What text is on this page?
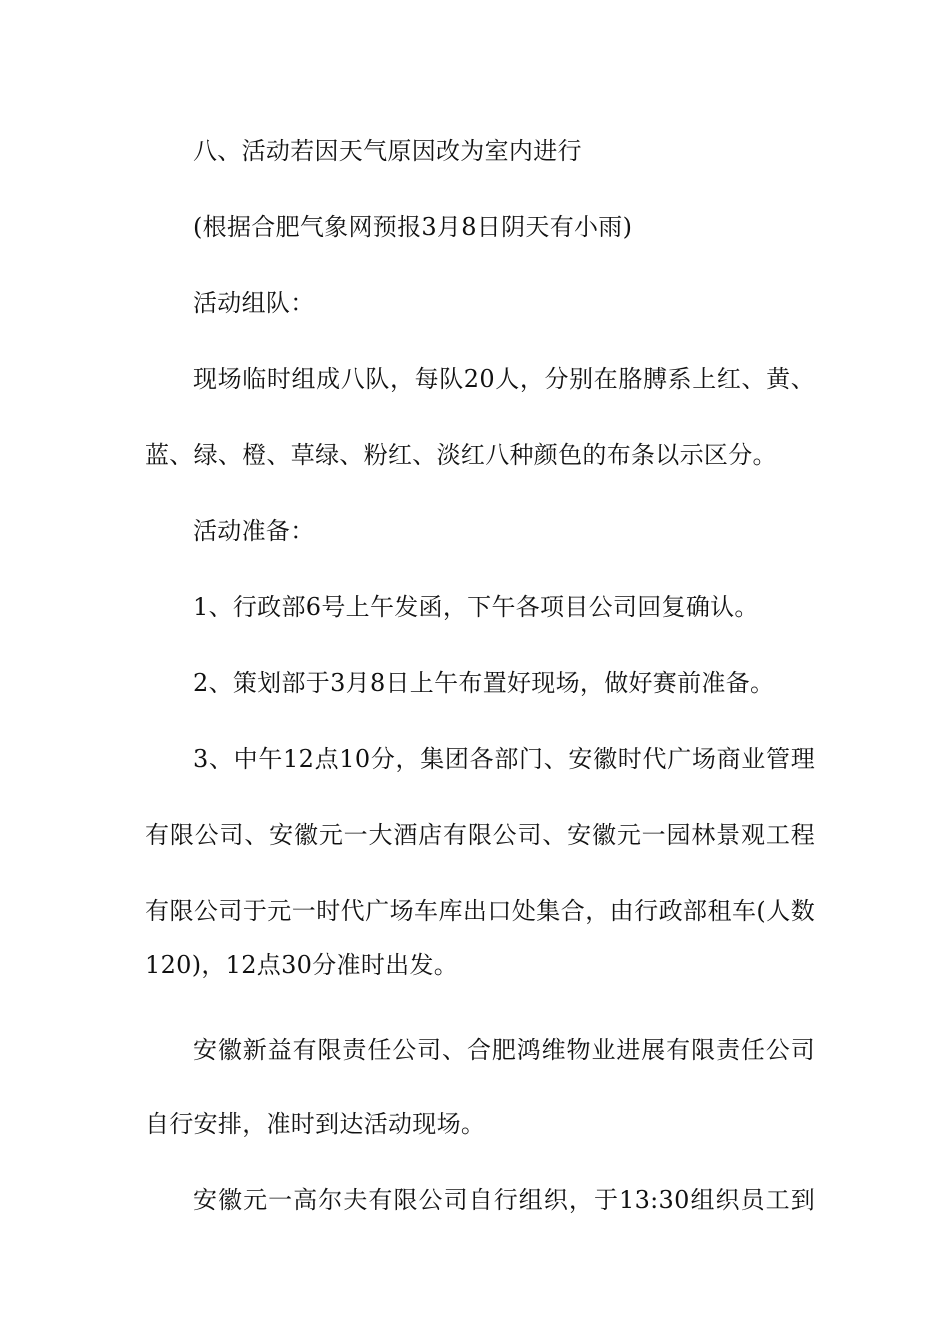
八、活动若因天气原因改为室内进行
(根据合肥气象网预报3月8日阴天有小雨)
活动组队：
现场临时组成八队，每队20人，分别在胳膊系上红、黄、
蓝、绿、橙、草绿、粉红、淡红八种颜色的布条以示区分。
活动准备：
1、行政部6号上午发函，下午各项目公司回复确认。
2、策划部于3月8日上午布置好现场，做好赛前准备。
3、中午12点10分，集团各部门、安徽时代广场商业管理
有限公司、安徽元一大酒店有限公司、安徽元一园林景观工程
有限公司于元一时代广场车库出口处集合，由行政部租车(人数
120)，12点30分准时出发。
安徽新益有限责任公司、合肥鸿维物业进展有限责任公司
自行安排，准时到达活动现场。
安徽元一高尔夫有限公司自行组织，于13:30组织员工到
